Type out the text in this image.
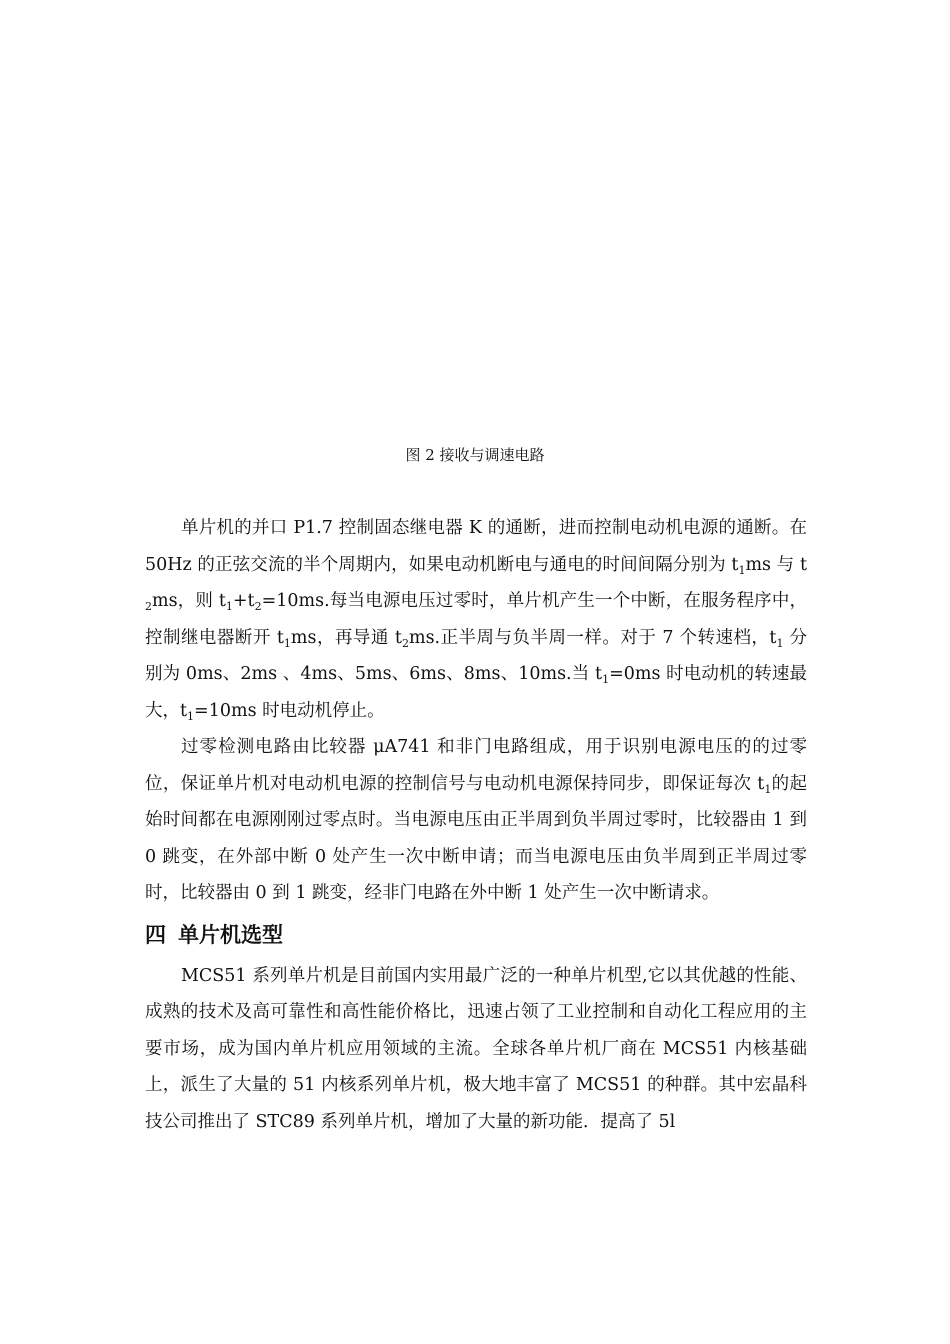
图 2 接收与调速电路

单片机的并口 P1.7 控制固态继电器 K 的通断，进而控制电动机电源的通断。在 50Hz 的正弦交流的半个周期内，如果电动机断电与通电的时间间隔分别为 $t_1ms$ 与 $t_2ms$，则 $t_1+t_2=10ms$.每当电源电压过零时，单片机产生一个中断，在服务程序中，控制继电器断开 $t_1ms$，再导通 $t_2ms$.正半周与负半周一样。对于 7 个转速档，$t_1$ 分别为 0ms、2ms 、4ms、5ms、6ms、8ms、10ms.当 $t_1=0ms$ 时电动机的转速最大，$t_1=10ms$ 时电动机停止。

过零检测电路由比较器 μA741 和非门电路组成，用于识别电源电压的的过零位，保证单片机对电动机电源的控制信号与电动机电源保持同步，即保证每次 $t_1$的起始时间都在电源刚刚过零点时。当电源电压由正半周到负半周过零时，比较器由 1 到 0 跳变，在外部中断 0 处产生一次中断申请；而当电源电压由负半周到正半周过零时，比较器由 0 到 1 跳变，经非门电路在外中断 1 处产生一次中断请求。

四 单片机选型

MCS51 系列单片机是目前国内实用最广泛的一种单片机型,它以其优越的性能、成熟的技术及高可靠性和高性能价格比，迅速占领了工业控制和自动化工程应用的主要市场，成为国内单片机应用领域的主流。全球各单片机厂商在 MCS51 内核基础上，派生了大量的 51 内核系列单片机，极大地丰富了 MCS51 的种群。其中宏晶科技公司推出了 STC89 系列单片机，增加了大量的新功能．提高了 5l
